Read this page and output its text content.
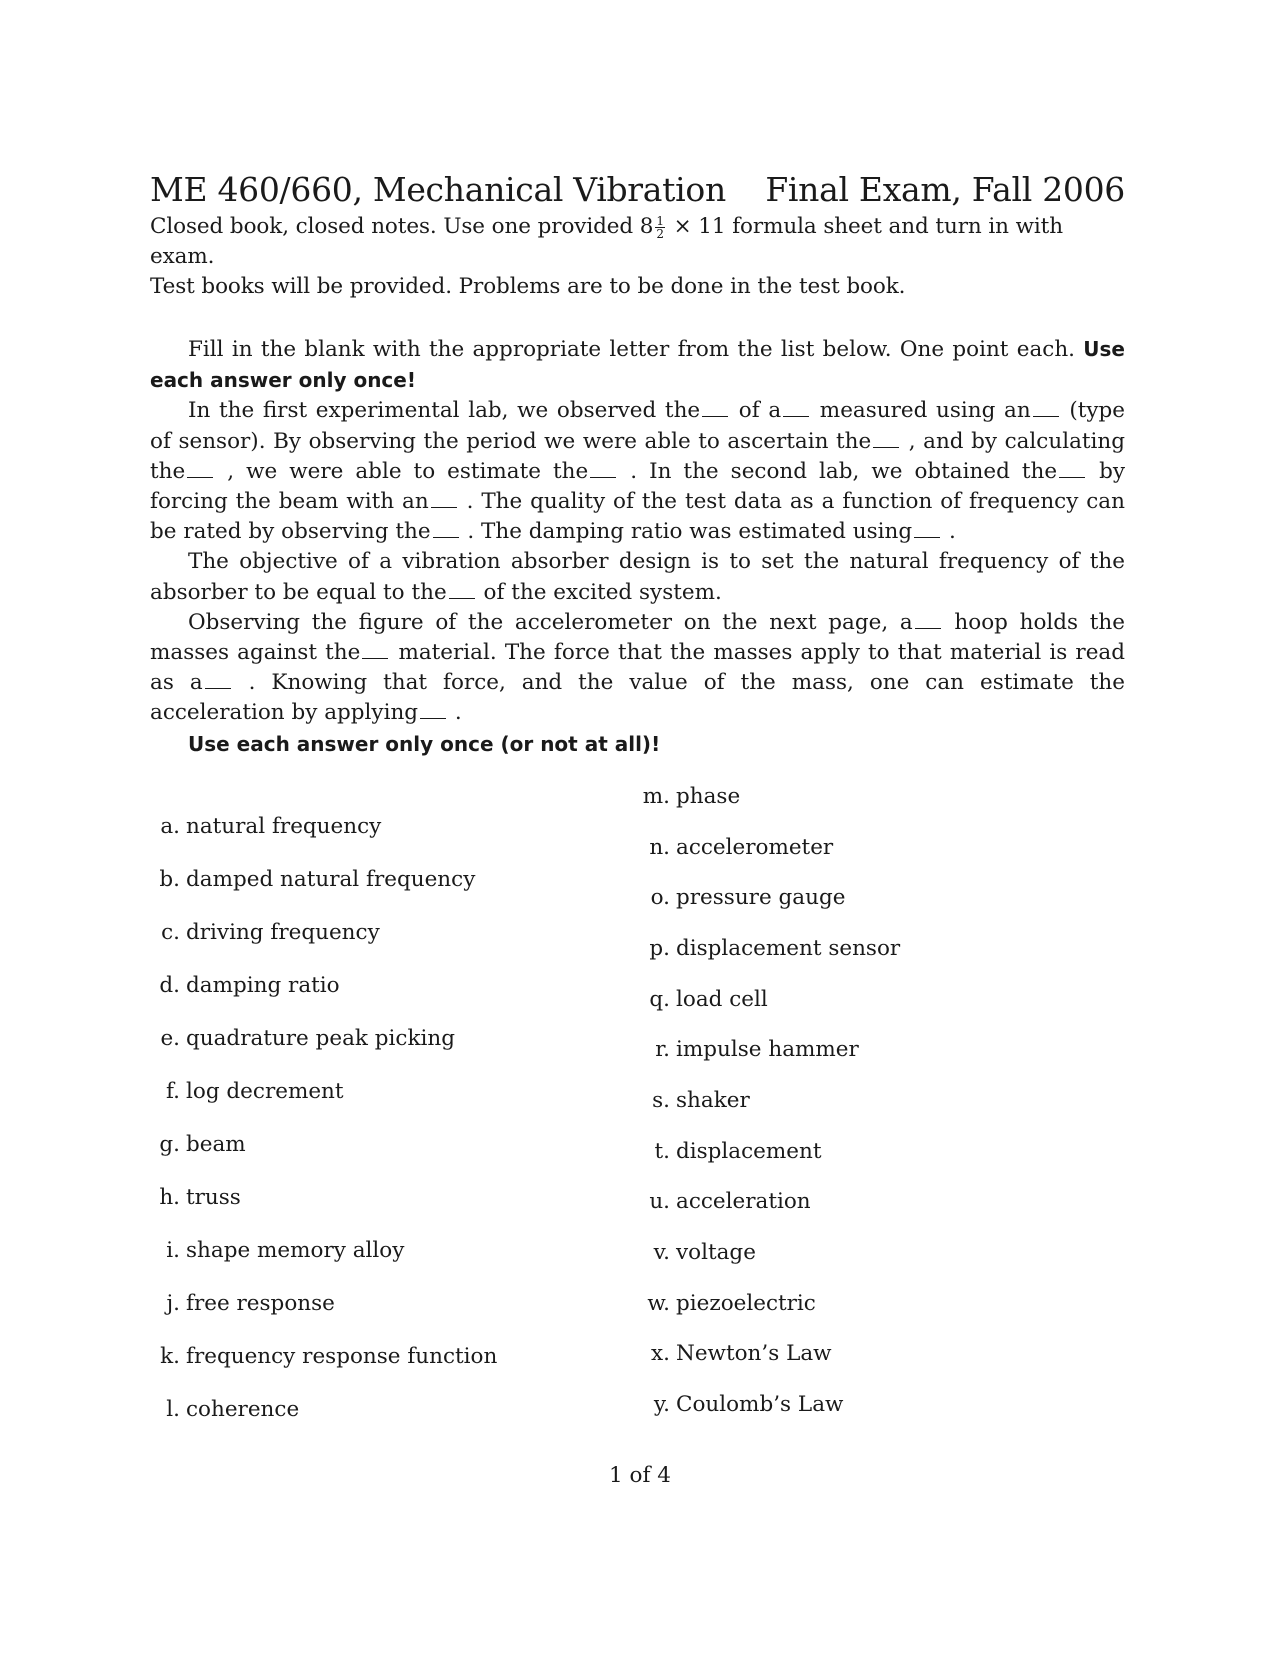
ME 460/660, Mechanical Vibration Final Exam, Fall 2006
Closed book, closed notes. Use one provided $8 \frac{1}{2} \times 11$ formula sheet and turn in with exam.
Test books will be provided. Problems are to be done in the test book.

Fill in the blank with the appropriate letter from the list below. One point each. Use each answer only once!

In the first experimental lab, we observed the of a measured using an (type of sensor). By observing the period we were able to ascertain the , and by calculating the , we were able to estimate the . In the second lab, we obtained the by forcing the beam with an . The quality of the test data as a function of frequency can be rated by observing the . The damping ratio was estimated using .

The objective of a vibration absorber design is to set the natural frequency of the absorber to be equal to the of the excited system.

Observing the figure of the accelerometer on the next page, a hoop holds the masses against the material. The force that the masses apply to that material is read as a . Knowing that force, and the value of the mass, one can estimate the acceleration by applying .

Use each answer only once (or not at all)!

a. natural frequency
b. damped natural frequency
c. driving frequency
d. damping ratio
e. quadrature peak picking
f. log decrement
g. beam
h. truss
i. shape memory alloy
j. free response
k. frequency response function
l. coherence
m. phase
n. accelerometer
o. pressure gauge
p. displacement sensor
q. load cell
r. impulse hammer
s. shaker
t. displacement
u. acceleration
v. voltage
w. piezoelectric
x. Newton’s Law
y. Coulomb’s Law
1 of 4
